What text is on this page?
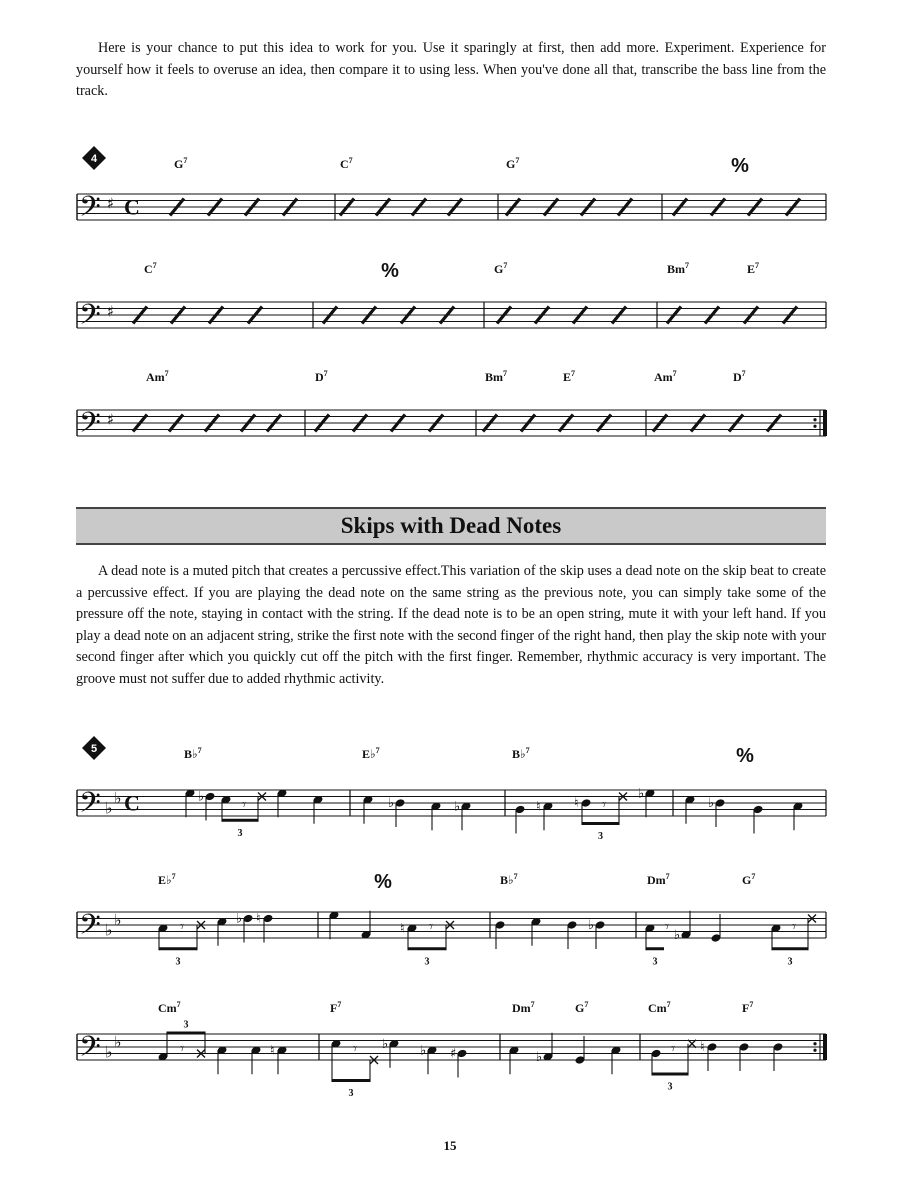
Here is your chance to put this idea to work for you. Use it sparingly at first, then add more. Experiment. Experience for yourself how it feels to overuse an idea, then compare it to using less. When you've done all that, transcribe the bass line from the track.

Skips with Dead Notes

A dead note is a muted pitch that creates a percussive effect.This variation of the skip uses a dead note on the skip beat to create a percussive effect. If you are playing the dead note on the same string as the previous note, you can simply take some of the pressure off the note, staying in contact with the string. If the dead note is to be an open string, mute it with your left hand. If you play a dead note on an adjacent string, strike the first note with the second finger of the right hand, then play the skip note with your second finger after which you quickly cut off the pitch with the first finger. Remember, rhythmic accuracy is very important. The groove must not suffer due to added rhythmic activity.

15
4
𝄢 ♯ C
$G^7$	$C^7$	$G^7$	%
𝄢 ♯
$C^7$	%	$G^7$	Bm$^7$	$E^7$
𝄢 ♯
Am$^7$	$D^7$	Bm$^7$	$E^7$	Am$^7$	$D^7$
5
𝄢 ♭
♭ C
B♭$^7$	E♭$^7$	B♭$^7$	%
♭	𝄾
3
♭	♭	♮	♮ 𝄾
3
♭
♭
𝄢 ♭
♭
E♭$^7$	%	B♭$^7$	Dm$^7$	$G^7$
𝄾
3
♭ ♮
♮ 𝄾
3
♭	𝄾 ♭
3
𝄾
3
𝄢 ♭
♭
Cm$^7$	$F^7$	Dm$^7$	$G^7$	Cm$^7$	$F^7$
𝄾
3
♮	𝄾
3
♭ ♭ ♯	♭	𝄾
3
♮
